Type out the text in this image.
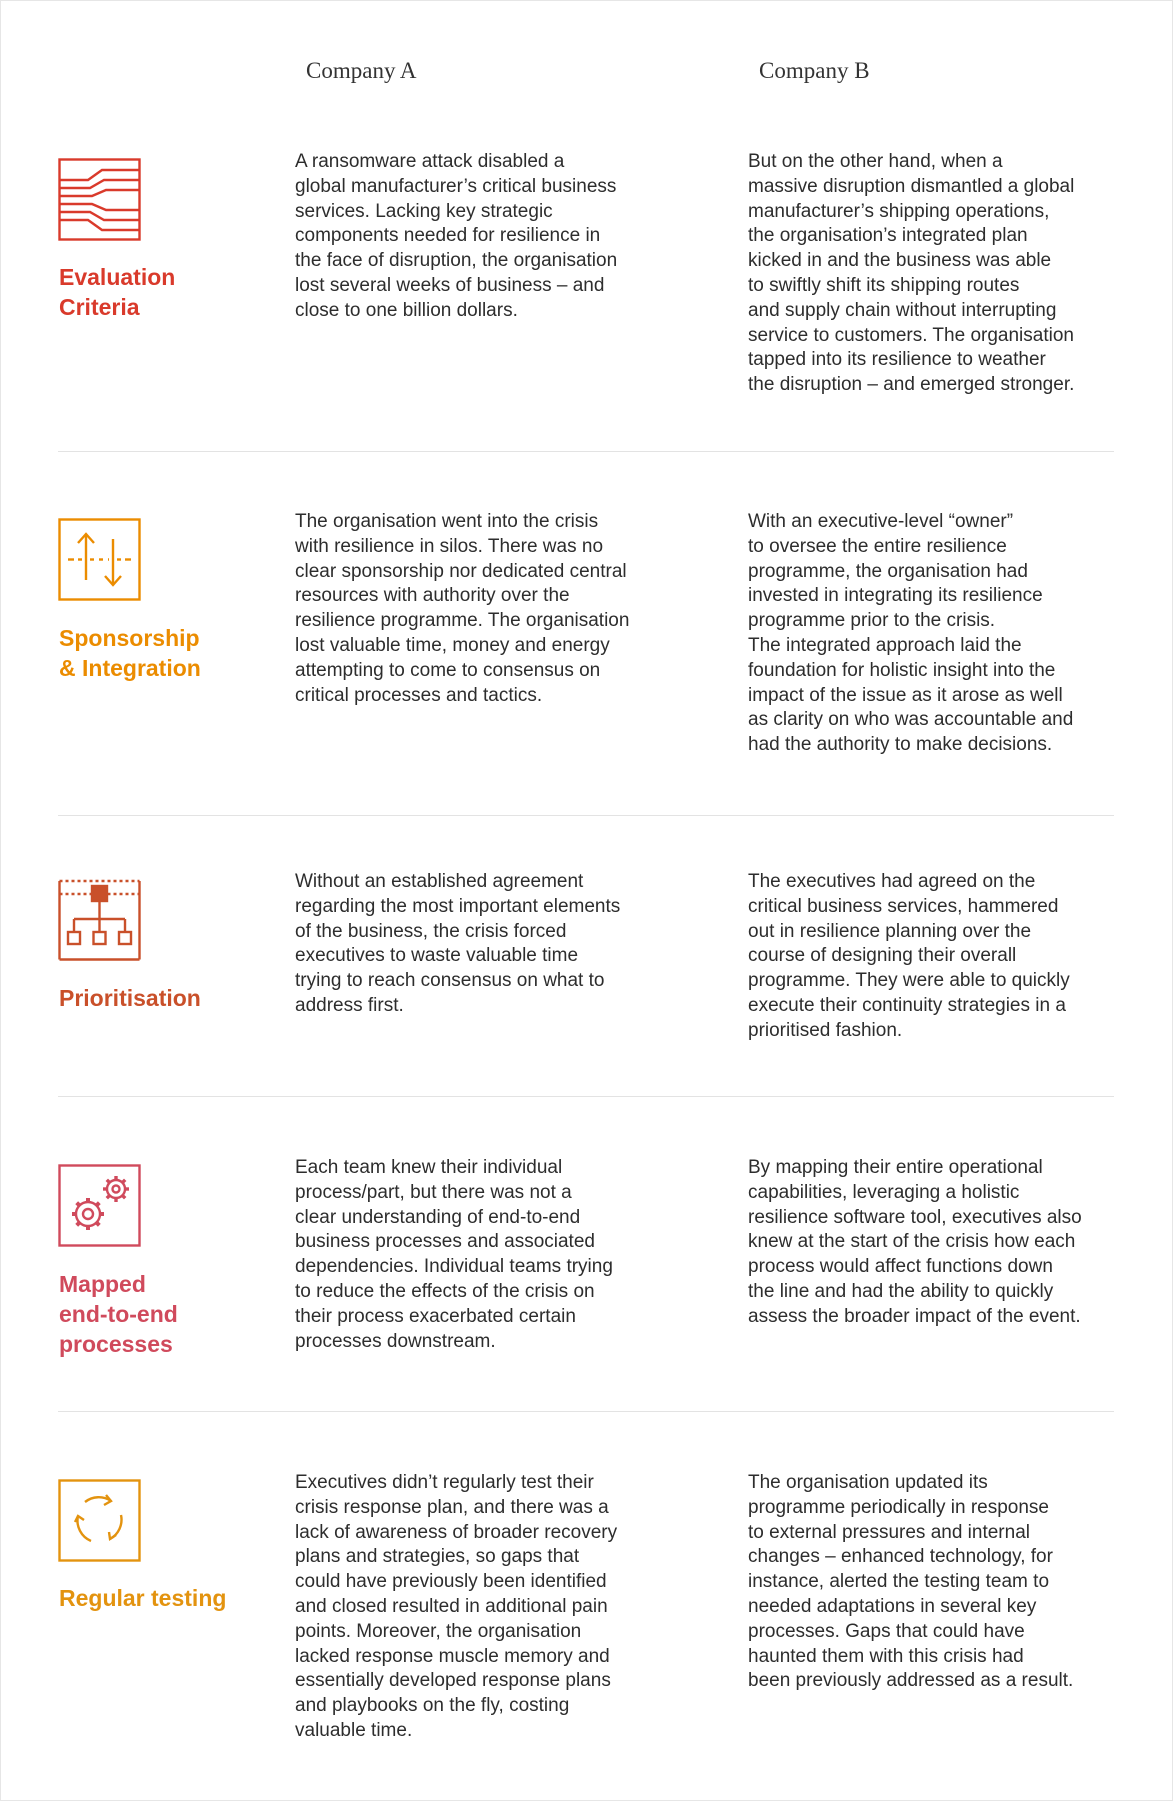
Company A	Company B
Evaluation
Criteria
A ransomware attack disabled a
global manufacturer’s critical business
services. Lacking key strategic
components needed for resilience in
the face of disruption, the organisation
lost several weeks of business – and
close to one billion dollars.
But on the other hand, when a
massive disruption dismantled a global
manufacturer’s shipping operations,
the organisation’s integrated plan
kicked in and the business was able
to swiftly shift its shipping routes
and supply chain without interrupting
service to customers. The organisation
tapped into its resilience to weather
the disruption – and emerged stronger.
Sponsorship
& Integration
The organisation went into the crisis
with resilience in silos. There was no
clear sponsorship nor dedicated central
resources with authority over the
resilience programme. The organisation
lost valuable time, money and energy
attempting to come to consensus on
critical processes and tactics.
With an executive-level “owner”
to oversee the entire resilience
programme, the organisation had
invested in integrating its resilience
programme prior to the crisis.
The integrated approach laid the
foundation for holistic insight into the
impact of the issue as it arose as well
as clarity on who was accountable and
had the authority to make decisions.
Prioritisation
Without an established agreement
regarding the most important elements
of the business, the crisis forced
executives to waste valuable time
trying to reach consensus on what to
address first.
The executives had agreed on the
critical business services, hammered
out in resilience planning over the
course of designing their overall
programme. They were able to quickly
execute their continuity strategies in a
prioritised fashion.
Mapped
end-to-end
processes
Each team knew their individual
process/part, but there was not a
clear understanding of end-to-end
business processes and associated
dependencies. Individual teams trying
to reduce the effects of the crisis on
their process exacerbated certain
processes downstream.
By mapping their entire operational
capabilities, leveraging a holistic
resilience software tool, executives also
knew at the start of the crisis how each
process would affect functions down
the line and had the ability to quickly
assess the broader impact of the event.
Regular testing
Executives didn’t regularly test their
crisis response plan, and there was a
lack of awareness of broader recovery
plans and strategies, so gaps that
could have previously been identified
and closed resulted in additional pain
points. Moreover, the organisation
lacked response muscle memory and
essentially developed response plans
and playbooks on the fly, costing
valuable time.
The organisation updated its
programme periodically in response
to external pressures and internal
changes – enhanced technology, for
instance, alerted the testing team to
needed adaptations in several key
processes. Gaps that could have
haunted them with this crisis had
been previously addressed as a result.
